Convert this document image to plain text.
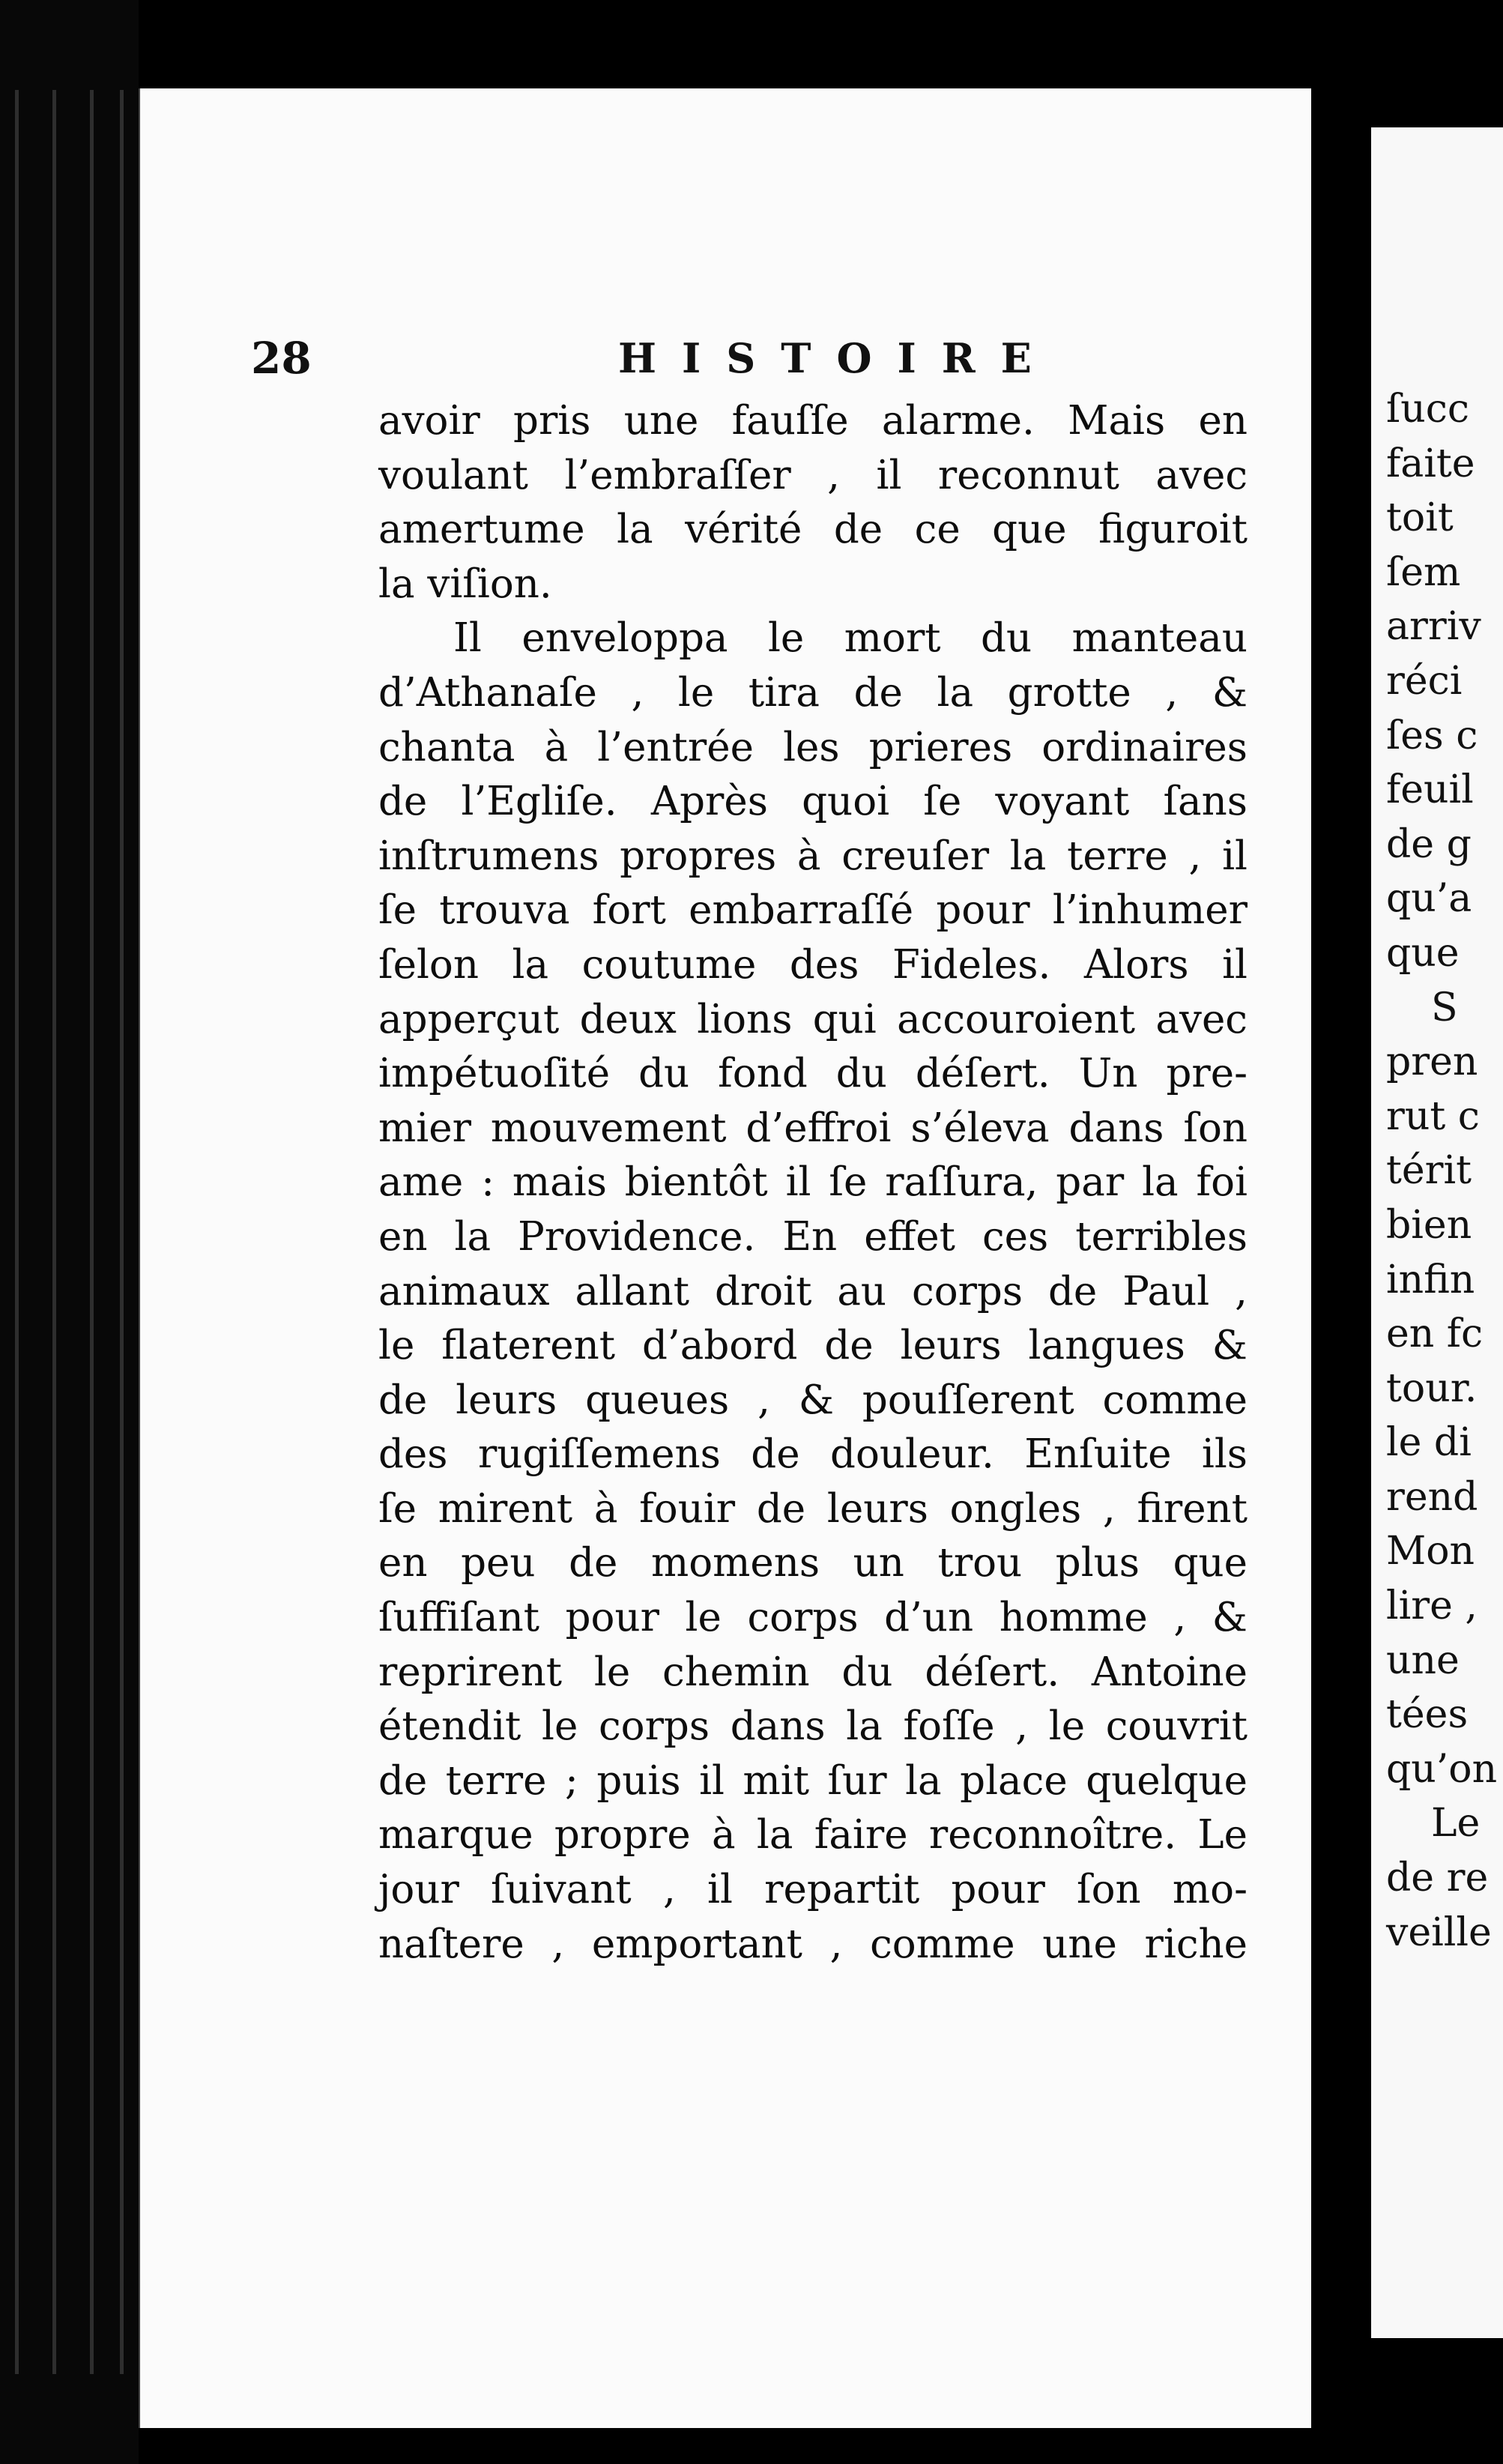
ſucc
faite
toit
ſem
arriv
réci
ſes c
feuil
de g
qu’a
que
S
pren
rut c
térit
bien
infin
en fc
tour.
le di
rend
Mon
lire ,
une
tées
qu’on
Le
de re
veille
28	HISTOIRE
avoir pris une fauſſe alarme. Mais en
voulant l’embraſſer , il reconnut avec
amertume la vérité de ce que figuroit
la viſion.
Il enveloppa le mort du manteau
d’Athanaſe , le tira de la grotte , &
chanta à l’entrée les prieres ordinaires
de l’Egliſe. Après quoi ſe voyant ſans
inſtrumens propres à creuſer la terre , il
ſe trouva fort embarraſſé pour l’inhumer
ſelon la coutume des Fideles. Alors il
apperçut deux lions qui accouroient avec
impétuoſité du fond du déſert. Un pre-
mier mouvement d’effroi s’éleva dans ſon
ame : mais bientôt il ſe raſſura, par la foi
en la Providence. En effet ces terribles
animaux allant droit au corps de Paul ,
le flaterent d’abord de leurs langues &
de leurs queues , & pouſſerent comme
des rugiſſemens de douleur. Enſuite ils
ſe mirent à fouir de leurs ongles , firent
en peu de momens un trou plus que
ſuffiſant pour le corps d’un homme , &
reprirent le chemin du déſert. Antoine
étendit le corps dans la foſſe , le couvrit
de terre ; puis il mit ſur la place quelque
marque propre à la faire reconnoître. Le
jour ſuivant , il repartit pour ſon mo-
naſtere , emportant , comme une riche
